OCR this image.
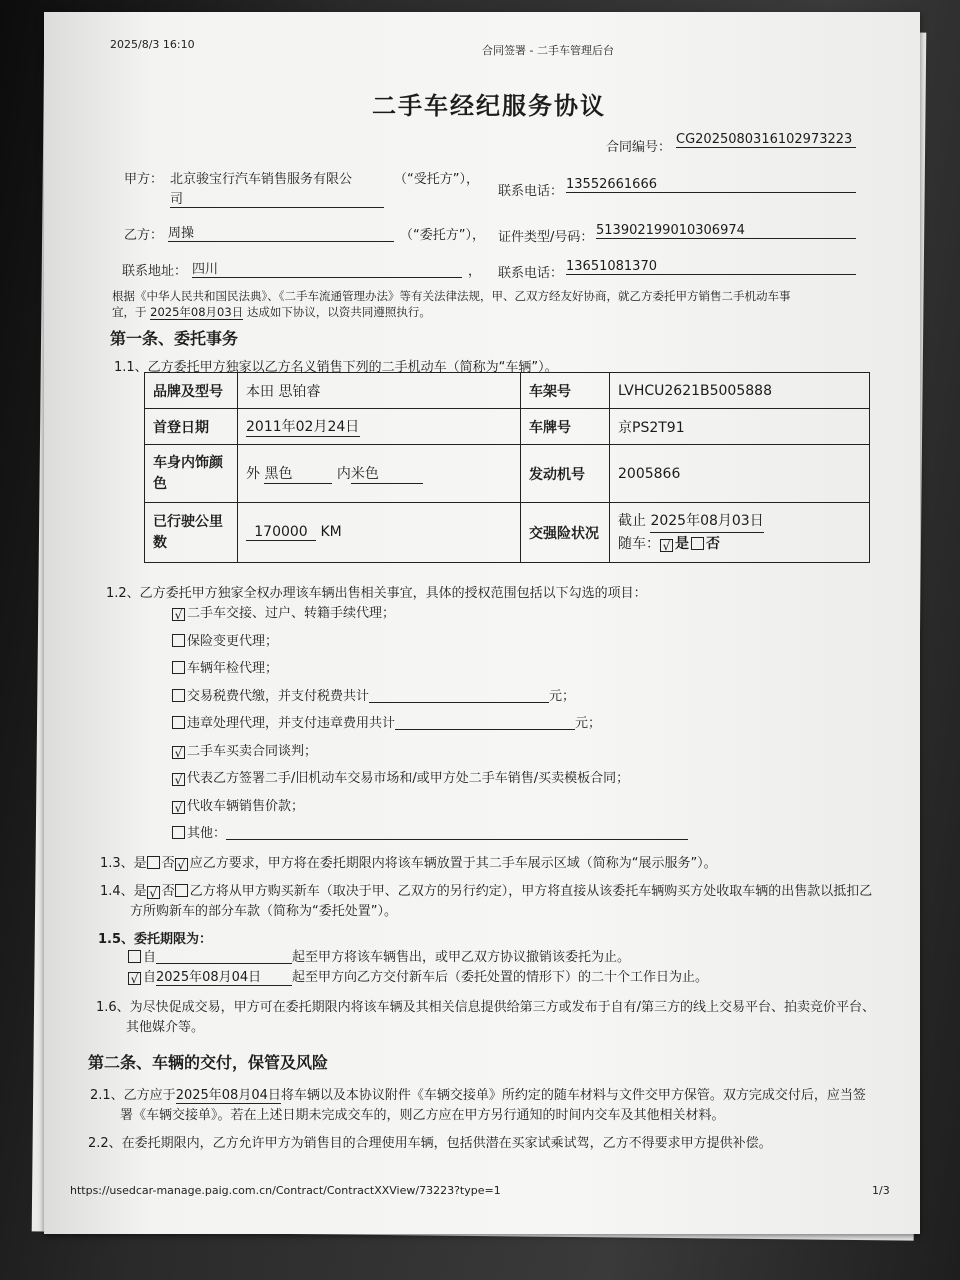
2025/8/3 16:10	合同签署 - 二手车管理后台
二手车经纪服务协议
合同编号：
CG2025080316102973223
甲方： 北京骏宝行汽车销售服务有限公
司
（“受托方”），
联系电话： 13552661666
乙方： 周操	（“委托方”）， 证件类型/号码： 513902199010306974
联系地址： 四川	， 联系电话： 13651081370
根据《中华人民共和国民法典》、《二手车流通管理办法》等有关法律法规，甲、乙双方经友好协商，就乙方委托甲方销售二手机动车事
宜，于 2025年08月03日 达成如下协议，以资共同遵照执行。
第一条、委托事务
1.1、乙方委托甲方独家以乙方名义销售下列的二手机动车（简称为“车辆”）。
品牌及型号	本田 思铂睿	车架号	LVHCU2621B5005888
首登日期	2011年02月24日	车牌号	京PS2T91
车身内饰颜色	外 黑色 内米色	发动机号	2005866
已行驶公里数	170000 KM	交强险状况	截止 2025年08月03日
随车： √ 是 否
1.2、乙方委托甲方独家全权办理该车辆出售相关事宜，具体的授权范围包括以下勾选的项目：
√ 二手车交接、过户、转籍手续代理；
保险变更代理；
车辆年检代理；
交易税费代缴，并支付税费共计	元；
违章处理代理，并支付违章费用共计	元；
√ 二手车买卖合同谈判；
√ 代表乙方签署二手/旧机动车交易市场和/或甲方处二手车销售/买卖模板合同；
√ 代收车辆销售价款；
其他：
1.3、是 否 √ 应乙方要求，甲方将在委托期限内将该车辆放置于其二手车展示区域（简称为“展示服务”）。
1.4、是 √ 否 乙方将从甲方购买新车（取决于甲、乙双方的另行约定），甲方将直接从该委托车辆购买方处收取车辆的出售款以抵扣乙
方所购新车的部分车款（简称为“委托处置”）。
1.5、委托期限为：
自	起至甲方将该车辆售出，或甲乙双方协议撤销该委托为止。
√ 自2025年08月04日 起至甲方向乙方交付新车后（委托处置的情形下）的二十个工作日为止。
1.6、为尽快促成交易，甲方可在委托期限内将该车辆及其相关信息提供给第三方或发布于自有/第三方的线上交易平台、拍卖竞价平台、
其他媒介等。
第二条、车辆的交付，保管及风险
2.1、乙方应于2025年08月04日将车辆以及本协议附件《车辆交接单》所约定的随车材料与文件交甲方保管。双方完成交付后，应当签
署《车辆交接单》。若在上述日期未完成交车的，则乙方应在甲方另行通知的时间内交车及其他相关材料。
2.2、在委托期限内，乙方允许甲方为销售目的合理使用车辆，包括供潜在买家试乘试驾，乙方不得要求甲方提供补偿。
https://usedcar-manage.paig.com.cn/Contract/ContractXXView/73223?type=1	1/3
